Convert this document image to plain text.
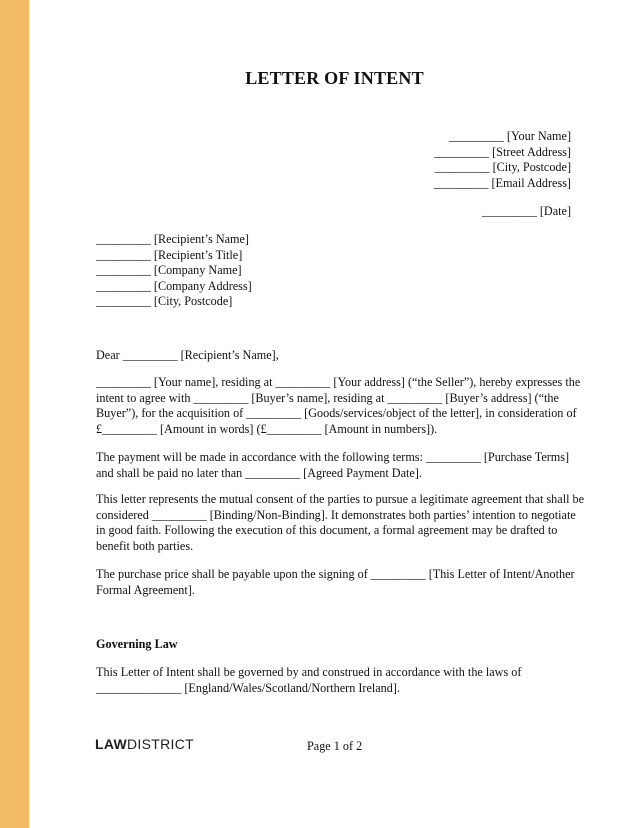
LETTER OF INTENT
_________ [Your Name]
_________ [Street Address]
_________ [City, Postcode]
_________ [Email Address]
_________ [Date]
_________ [Recipient’s Name]
_________ [Recipient’s Title]
_________ [Company Name]
_________ [Company Address]
_________ [City, Postcode]
Dear _________ [Recipient’s Name],
_________ [Your name], residing at _________ [Your address] (“the Seller”), hereby expresses the
intent to agree with _________ [Buyer’s name], residing at _________ [Buyer’s address] (“the
Buyer”), for the acquisition of _________ [Goods/services/object of the letter], in consideration of
£_________ [Amount in words] (£_________ [Amount in numbers]).
The payment will be made in accordance with the following terms: _________ [Purchase Terms]
and shall be paid no later than _________ [Agreed Payment Date].
This letter represents the mutual consent of the parties to pursue a legitimate agreement that shall be
considered _________ [Binding/Non-Binding]. It demonstrates both parties’ intention to negotiate
in good faith. Following the execution of this document, a formal agreement may be drafted to
benefit both parties.
The purchase price shall be payable upon the signing of _________ [This Letter of Intent/Another
Formal Agreement].
Governing Law
This Letter of Intent shall be governed by and construed in accordance with the laws of
______________ [England/Wales/Scotland/Northern Ireland].
LAWDISTRICT	Page 1 of 2
